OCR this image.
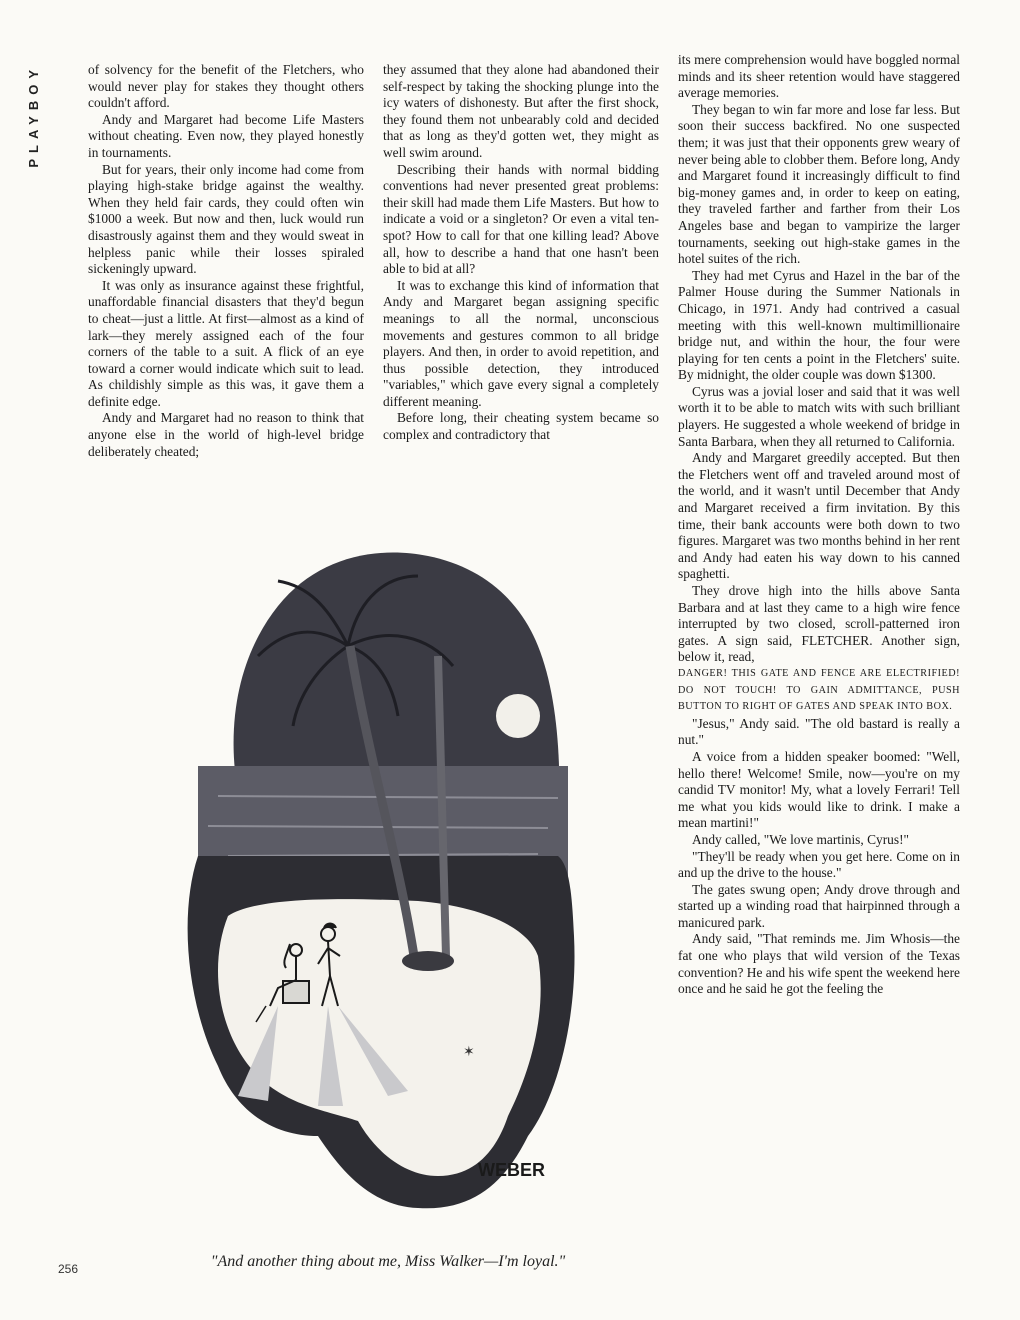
PLAYBOY	of solvency for the benefit of the Fletchers, who would never play for stakes they thought others couldn't afford.

Andy and Margaret had become Life Masters without cheating. Even now, they played honestly in tournaments.

But for years, their only income had come from playing high-stake bridge against the wealthy. When they held fair cards, they could often win $1000 a week. But now and then, luck would run disastrously against them and they would sweat in helpless panic while their losses spiraled sickeningly upward.

It was only as insurance against these frightful, unaffordable financial disasters that they'd begun to cheat—just a little. At first—almost as a kind of lark—they merely assigned each of the four corners of the table to a suit. A flick of an eye toward a corner would indicate which suit to lead. As childishly simple as this was, it gave them a definite edge.

Andy and Margaret had no reason to think that anyone else in the world of high-level bridge deliberately cheated;

they assumed that they alone had abandoned their self-respect by taking the shocking plunge into the icy waters of dishonesty. But after the first shock, they found them not unbearably cold and decided that as long as they'd gotten wet, they might as well swim around.

Describing their hands with normal bidding conventions had never presented great problems: their skill had made them Life Masters. But how to indicate a void or a singleton? Or even a vital ten-spot? How to call for that one killing lead? Above all, how to describe a hand that one hasn't been able to bid at all?

It was to exchange this kind of information that Andy and Margaret began assigning specific meanings to all the normal, unconscious movements and gestures common to all bridge players. And then, in order to avoid repetition, and thus possible detection, they introduced "variables," which gave every signal a completely different meaning.

Before long, their cheating system became so complex and contradictory that

its mere comprehension would have boggled normal minds and its sheer retention would have staggered average memories.

They began to win far more and lose far less. But soon their success backfired. No one suspected them; it was just that their opponents grew weary of never being able to clobber them. Before long, Andy and Margaret found it increasingly difficult to find big-money games and, in order to keep on eating, they traveled farther and farther from their Los Angeles base and began to vampirize the larger tournaments, seeking out high-stake games in the hotel suites of the rich.

They had met Cyrus and Hazel in the bar of the Palmer House during the Summer Nationals in Chicago, in 1971. Andy had contrived a casual meeting with this well-known multimillionaire bridge nut, and within the hour, the four were playing for ten cents a point in the Fletchers' suite. By midnight, the older couple was down $1300.

Cyrus was a jovial loser and said that it was well worth it to be able to match wits with such brilliant players. He suggested a whole weekend of bridge in Santa Barbara, when they all returned to California.

Andy and Margaret greedily accepted. But then the Fletchers went off and traveled around most of the world, and it wasn't until December that Andy and Margaret received a firm invitation. By this time, their bank accounts were both down to two figures. Margaret was two months behind in her rent and Andy had eaten his way down to his canned spaghetti.

They drove high into the hills above Santa Barbara and at last they came to a high wire fence interrupted by two closed, scroll-patterned iron gates. A sign said, FLETCHER. Another sign, below it, read,

DANGER! THIS GATE AND FENCE ARE ELECTRIFIED! DO NOT TOUCH! TO GAIN ADMITTANCE, PUSH BUTTON TO RIGHT OF GATES AND SPEAK INTO BOX.

"Jesus," Andy said. "The old bastard is really a nut."

A voice from a hidden speaker boomed: "Well, hello there! Welcome! Smile, now—you're on my candid TV monitor! My, what a lovely Ferrari! Tell me what you kids would like to drink. I make a mean martini!"

Andy called, "We love martinis, Cyrus!"

"They'll be ready when you get here. Come on in and up the drive to the house."

The gates swung open; Andy drove through and started up a winding road that hairpinned through a manicured park.

Andy said, "That reminds me. Jim Whosis—the fat one who plays that wild version of the Texas convention? He and his wife spent the weekend here once and he said he got the feeling the

✶
WEBER
"And another thing about me, Miss Walker—I'm loyal."
256
